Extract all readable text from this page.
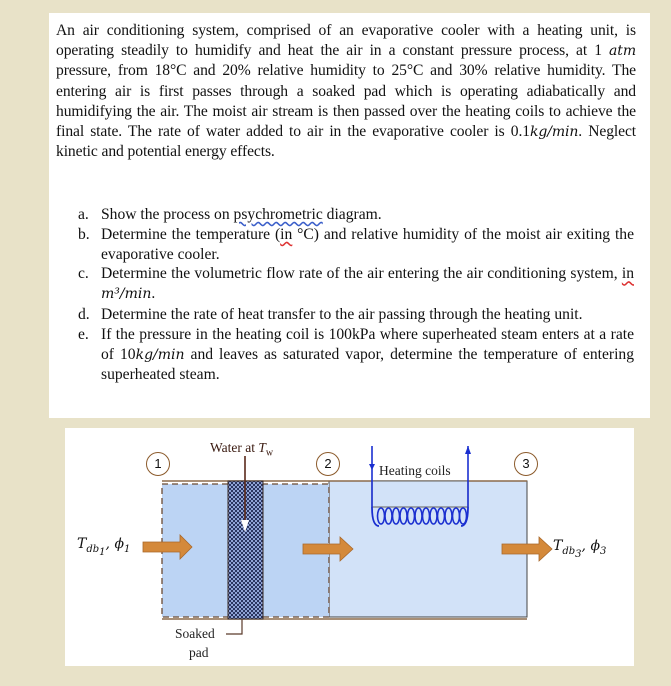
An air conditioning system, comprised of an evaporative cooler with a heating unit, is operating steadily to humidify and heat the air in a constant pressure process, at 1 atm pressure, from 18°C and 20% relative humidity to 25°C and 30% relative humidity. The entering air is first passes through a soaked pad which is operating adiabatically and humidifying the air. The moist air stream is then passed over the heating coils to achieve the final state. The rate of water added to air in the evaporative cooler is 0.1kg/min. Neglect kinetic and potential energy effects.
a. Show the process on psychrometric diagram.
b. Determine the temperature (in °C) and relative humidity of the moist air exiting the evaporative cooler.
c. Determine the volumetric flow rate of the air entering the air conditioning system, in m³/min.
d. Determine the rate of heat transfer to the air passing through the heating unit.
e. If the pressure in the heating coil is 100kPa where superheated steam enters at a rate of 10kg/min and leaves as saturated vapor, determine the temperature of entering superheated steam.
1	2	3
Water at $T_w$
Heating coils
Soaked
pad
$T_{db_1}$, $\phi_1$	$T_{db_3}$, $\phi_3$
